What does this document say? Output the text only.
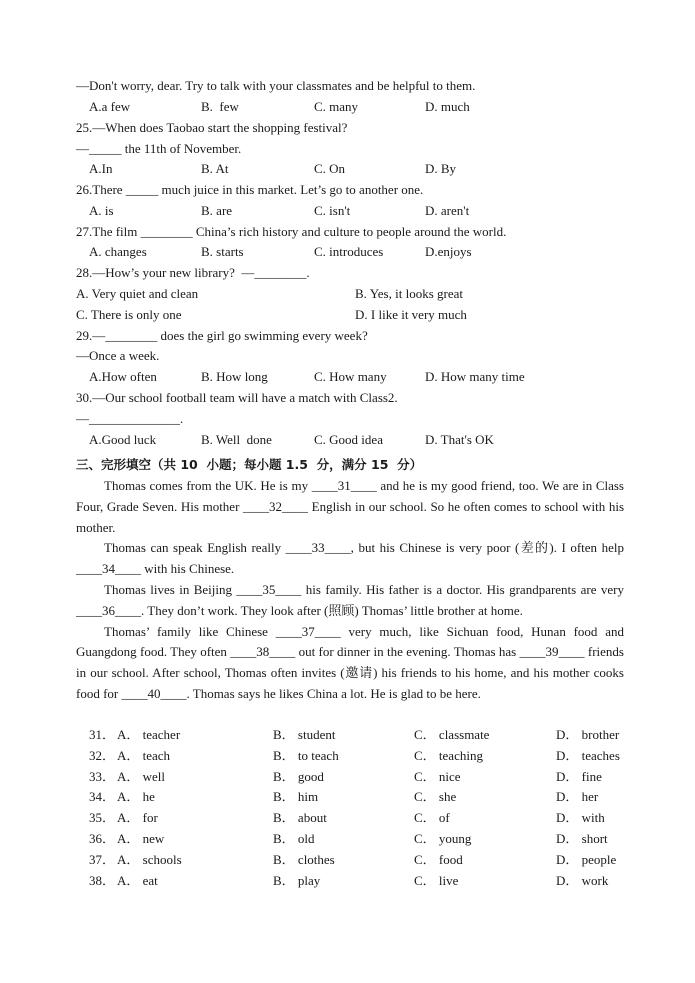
—Don't worry, dear. Try to talk with your classmates and be helpful to them.
25.—When does Taobao start the shopping festival?
—_____ the 11th of November.
26.There _____ much juice in this market. Let’s go to another one.
27.The film ________ China’s rich history and culture to people around the world.
28.—How’s your new library?  —________.
29.—________ does the girl go swimming every week?
—Once a week.
30.—Our school football team will have a match with Class2.
—______________.
A.a few	B.  few	C. many	D. much
A.In	B. At	C. On	D. By
A. is	B. are	C. isn't	D. aren't
A. changes	B. starts	C. introduces	D.enjoys
A.How often	B. How long	C. How many	D. How many time
A.Good luck	B. Well  done	C. Good idea	D. That's OK
A. Very quiet and clean	B. Yes, it looks great
C. There is only one	D. I like it very much
三、完形填空（共 10  小题；每小题 1.5  分，满分 15  分）

Thomas comes from the UK. He is my ____31____ and he is my good friend, too. We are in Class Four, Grade Seven. His mother ____32____ English in our school. So he often comes to school with his mother.

Thomas can speak English really ____33____, but his Chinese is very poor (差的). I often help ____34____ with his Chinese.

Thomas lives in Beijing ____35____ his family. His father is a doctor. His grandparents are very ____36____. They don’t work. They look after (照顾) Thomas’ little brother at home.

Thomas’ family like Chinese ____37____ very much, like Sichuan food, Hunan food and Guangdong food. They often ____38____ out for dinner in the evening. Thomas has ____39____ friends in our school. After school, Thomas often invites (邀请) his friends to his home, and his mother cooks food for ____40____. Thomas says he likes China a lot. He is glad to be here.

31． A． teacher	B． student	C． classmate	D． brother
32． A． teach	B． to teach	C． teaching	D． teaches
33． A． well	B． good	C． nice	D． fine
34． A． he	B． him	C． she	D． her
35． A． for	B． about	C． of	D． with
36． A． new	B． old	C． young	D． short
37． A． schools	B． clothes	C． food	D． people
38． A． eat	B． play	C． live	D． work
